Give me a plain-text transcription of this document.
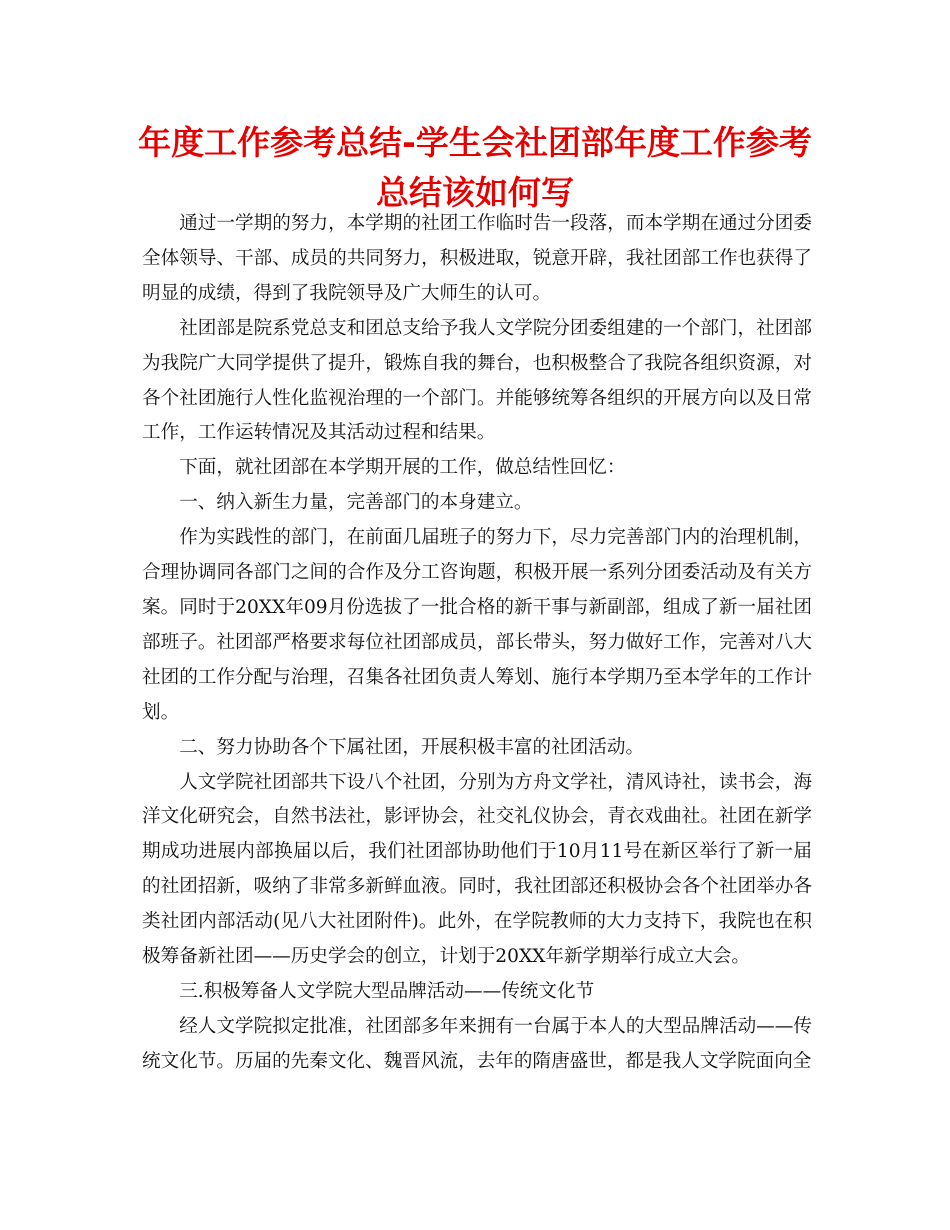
年度工作参考总结-学生会社团部年度工作参考总结该如何写

通过一学期的努力，本学期的社团工作临时告一段落，而本学期在通过分团委全体领导、干部、成员的共同努力，积极进取，锐意开辟，我社团部工作也获得了明显的成绩，得到了我院领导及广大师生的认可。

社团部是院系党总支和团总支给予我人文学院分团委组建的一个部门，社团部为我院广大同学提供了提升，锻炼自我的舞台，也积极整合了我院各组织资源，对各个社团施行人性化监视治理的一个部门。并能够统筹各组织的开展方向以及日常工作，工作运转情况及其活动过程和结果。

下面，就社团部在本学期开展的工作，做总结性回忆：

一、纳入新生力量，完善部门的本身建立。

作为实践性的部门，在前面几届班子的努力下，尽力完善部门内的治理机制，合理协调同各部门之间的合作及分工咨询题，积极开展一系列分团委活动及有关方案。同时于20XX年09月份选拔了一批合格的新干事与新副部，组成了新一届社团部班子。社团部严格要求每位社团部成员，部长带头，努力做好工作，完善对八大社团的工作分配与治理，召集各社团负责人筹划、施行本学期乃至本学年的工作计划。

二、努力协助各个下属社团，开展积极丰富的社团活动。

人文学院社团部共下设八个社团，分别为方舟文学社，清风诗社，读书会，海洋文化研究会，自然书法社，影评协会，社交礼仪协会，青衣戏曲社。社团在新学期成功进展内部换届以后，我们社团部协助他们于10月11号在新区举行了新一届的社团招新，吸纳了非常多新鲜血液。同时，我社团部还积极协会各个社团举办各类社团内部活动(见八大社团附件)。此外，在学院教师的大力支持下，我院也在积极筹备新社团——历史学会的创立，计划于20XX年新学期举行成立大会。

三.积极筹备人文学院大型品牌活动——传统文化节

经人文学院拟定批准，社团部多年来拥有一台属于本人的大型品牌活动——传统文化节。历届的先秦文化、魏晋风流，去年的隋唐盛世，都是我人文学院面向全
